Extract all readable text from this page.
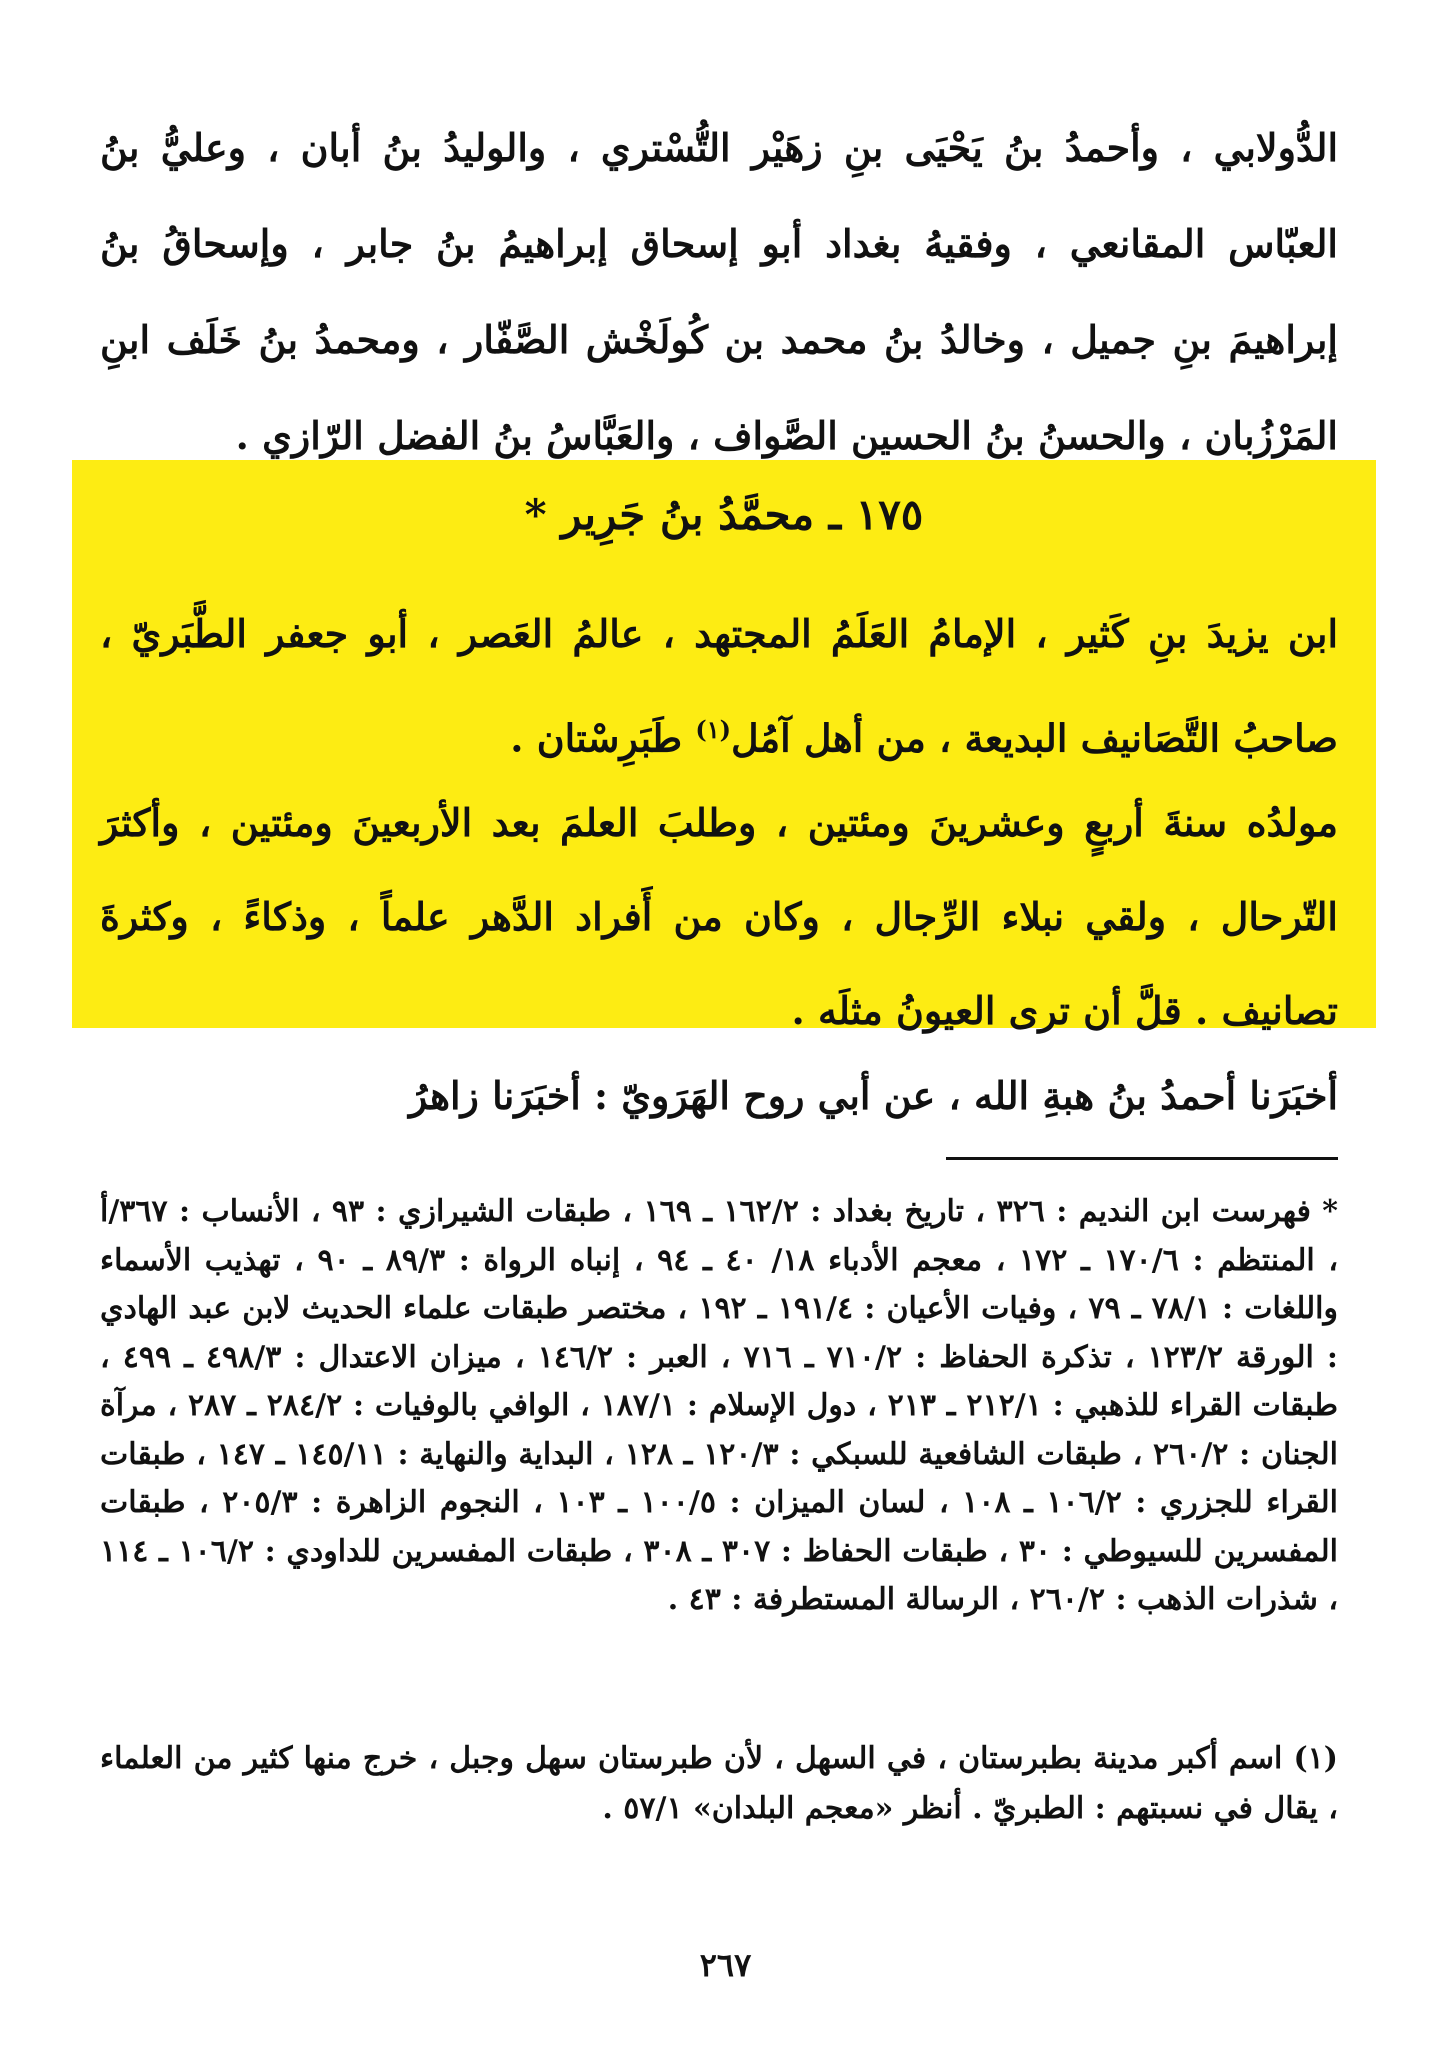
الدُّولابي ، وأحمدُ بنُ يَحْيَى بنِ زهَيْر التُّسْتري ، والوليدُ بنُ أبان ، وعليُّ بنُ العبّاس المقانعي ، وفقيهُ بغداد أبو إسحاق إبراهيمُ بنُ جابر ، وإسحاقُ بنُ إبراهيمَ بنِ جميل ، وخالدُ بنُ محمد بن كُولَخْش الصَّفّار ، ومحمدُ بنُ خَلَف ابنِ المَرْزُبان ، والحسنُ بنُ الحسينِ الصَّواف ، والعَبَّاسُ بنُ الفضل الرّازي .
١٧٥ ـ محمَّدُ بنُ جَرِير *
ابن يزيدَ بنِ كَثير ، الإمامُ العَلَمُ المجتهد ، عالمُ العَصر ، أبو جعفر الطَّبَريّ ، صاحبُ التَّصَانيف البديعة ، من أهل آمُل$^{(١)}$ طَبَرِسْتان .
مولدُه سنةَ أربعٍ وعشرينَ ومئتين ، وطلبَ العلمَ بعد الأربعينَ ومئتين ، وأكثرَ التّرحال ، ولقي نبلاء الرِّجال ، وكان من أَفراد الدَّهر علماً ، وذكاءً ، وكثرةَ تصانيف . قلَّ أن ترى العيونُ مثلَه .
أخبَرَنا أحمدُ بنُ هبةِ الله ، عن أبي روح الهَرَويّ : أخبَرَنا زاهرُ
* فهرست ابن النديم : ٣٢٦ ، تاريخ بغداد : ١٦٢/٢ ـ ١٦٩ ، طبقات الشيرازي : ٩٣ ، الأنساب : ٣٦٧/أ ، المنتظم : ١٧٠/٦ ـ ١٧٢ ، معجم الأدباء ١٨/ ٤٠ ـ ٩٤ ، إنباه الرواة : ٨٩/٣ ـ ٩٠ ، تهذيب الأسماء واللغات : ٧٨/١ ـ ٧٩ ، وفيات الأعيان : ١٩١/٤ ـ ١٩٢ ، مختصر طبقات علماء الحديث لابن عبد الهادي : الورقة ١٢٣/٢ ، تذكرة الحفاظ : ٧١٠/٢ ـ ٧١٦ ، العبر : ١٤٦/٢ ، ميزان الاعتدال : ٤٩٨/٣ ـ ٤٩٩ ، طبقات القراء للذهبي : ٢١٢/١ ـ ٢١٣ ، دول الإسلام : ١٨٧/١ ، الوافي بالوفيات : ٢٨٤/٢ ـ ٢٨٧ ، مرآة الجنان : ٢٦٠/٢ ، طبقات الشافعية للسبكي : ١٢٠/٣ ـ ١٢٨ ، البداية والنهاية : ١٤٥/١١ ـ ١٤٧ ، طبقات القراء للجزري : ١٠٦/٢ ـ ١٠٨ ، لسان الميزان : ١٠٠/٥ ـ ١٠٣ ، النجوم الزاهرة : ٢٠٥/٣ ، طبقات المفسرين للسيوطي : ٣٠ ، طبقات الحفاظ : ٣٠٧ ـ ٣٠٨ ، طبقات المفسرين للداودي : ١٠٦/٢ ـ ١١٤ ، شذرات الذهب : ٢٦٠/٢ ، الرسالة المستطرفة : ٤٣ .
(١) اسم أكبر مدينة بطبرستان ، في السهل ، لأن طبرستان سهل وجبل ، خرج منها كثير من العلماء ، يقال في نسبتهم : الطبريّ . أنظر «معجم البلدان» ٥٧/١ .
٢٦٧
